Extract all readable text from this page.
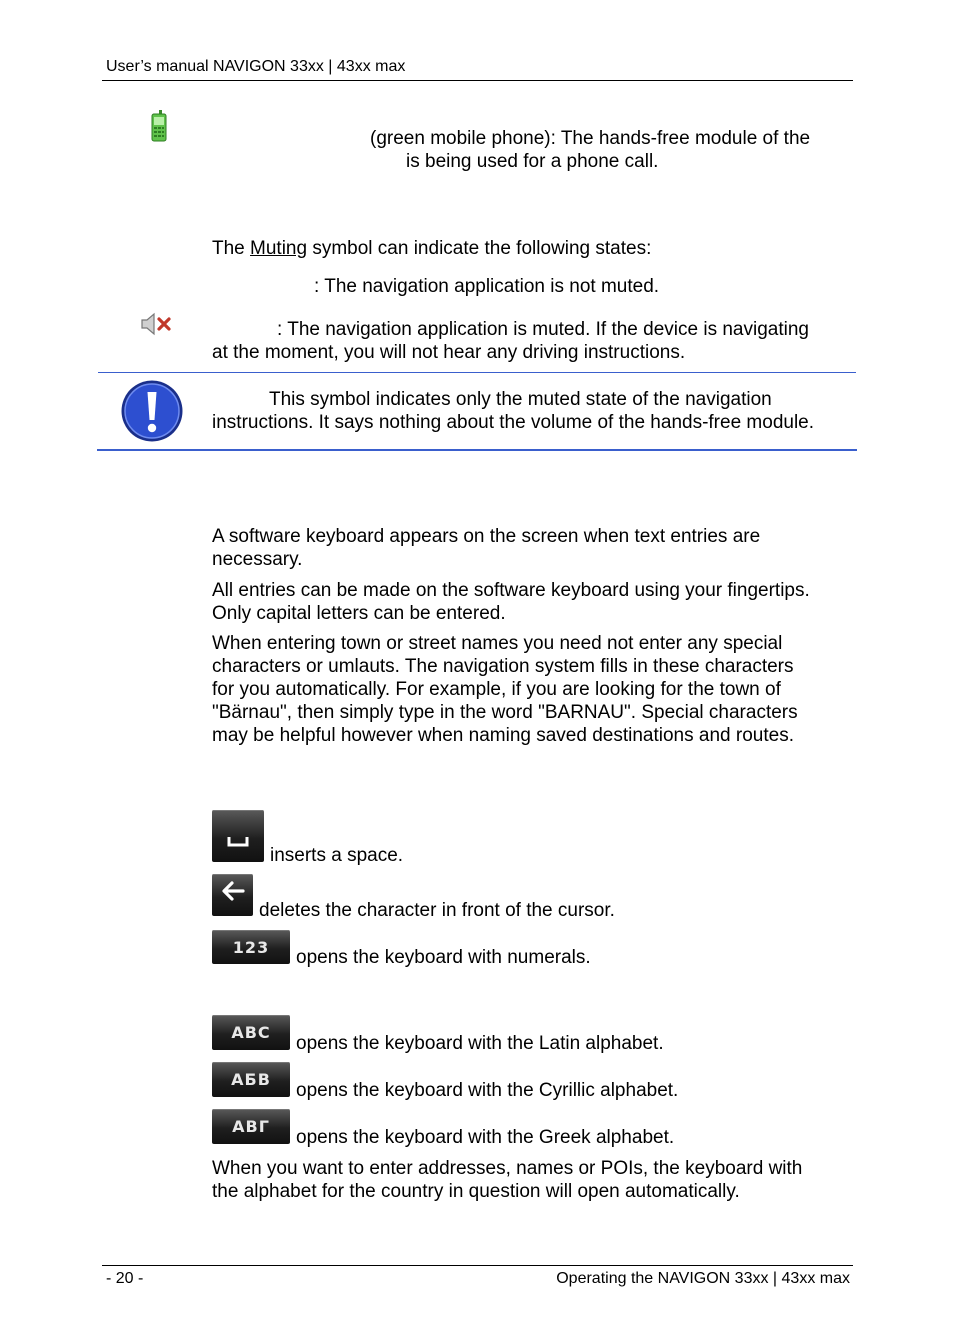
User’s manual NAVIGON 33xx | 43xx max
(green mobile phone): The hands-free module of the
is being used for a phone call.
The Muting symbol can indicate the following states:
: The navigation application is not muted.
: The navigation application is muted. If the device is navigating
at the moment, you will not hear any driving instructions.
This symbol indicates only the muted state of the navigation
instructions. It says nothing about the volume of the hands-free module.
A software keyboard appears on the screen when text entries are
necessary.
All entries can be made on the software keyboard using your fingertips.
Only capital letters can be entered.
When entering town or street names you need not enter any special
characters or umlauts. The navigation system fills in these characters
for you automatically. For example, if you are looking for the town of
"Bärnau", then simply type in the word "BARNAU". Special characters
may be helpful however when naming saved destinations and routes.
inserts a space.
deletes the character in front of the cursor.
123 opens the keyboard with numerals.
ABC
opens the keyboard with the Latin alphabet.
АБВ
opens the keyboard with the Cyrillic alphabet.
ΑΒΓ
opens the keyboard with the Greek alphabet.
When you want to enter addresses, names or POIs, the keyboard with
the alphabet for the country in question will open automatically.
- 20 -	Operating the NAVIGON 33xx | 43xx max
